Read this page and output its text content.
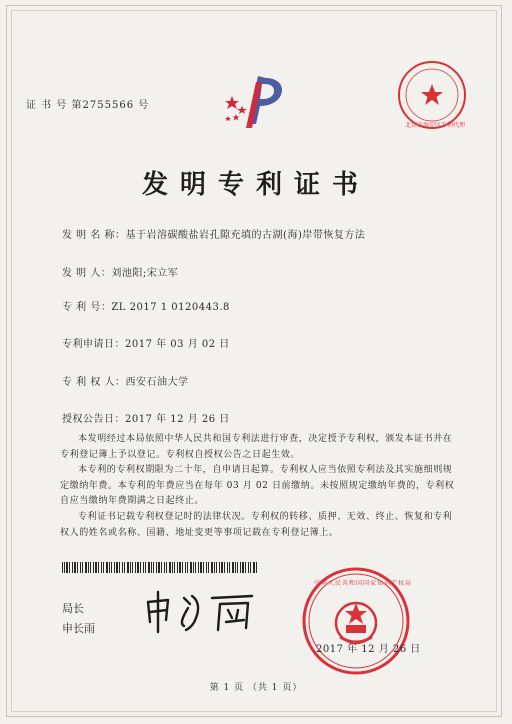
北京市海淀区专利代理
证 书 号 第2755566 号
发明专利证书
发 明 名 称：基于岩溶碳酸盐岩孔隙充填的古湖(海)岸带恢复方法
发 明 人：刘池阳;宋立军
专 利 号：ZL 2017 1 0120443.8
专利申请日：2017 年 03 月 02 日
专 利 权 人：西安石油大学
授权公告日：2017 年 12 月 26 日
本发明经过本局依照中华人民共和国专利法进行审查，决定授予专利权，颁发本证书并在专利登记簿上予以登记。专利权自授权公告之日起生效。
本专利的专利权期限为二十年，自申请日起算。专利权人应当依照专利法及其实施细则规定缴纳年费。本专利的年费应当在每年 03 月 02 日前缴纳。未按照规定缴纳年费的，专利权自应当缴纳年费期满之日起终止。
专利证书记载专利权登记时的法律状况。专利权的转移、质押、无效、终止、恢复和专利权人的姓名或名称、国籍、地址变更等事项记载在专利登记簿上。
局长
申长雨
中华人民共和国国家知识产权局
2017 年 12 月 26 日
第 1 页 （共 1 页）
